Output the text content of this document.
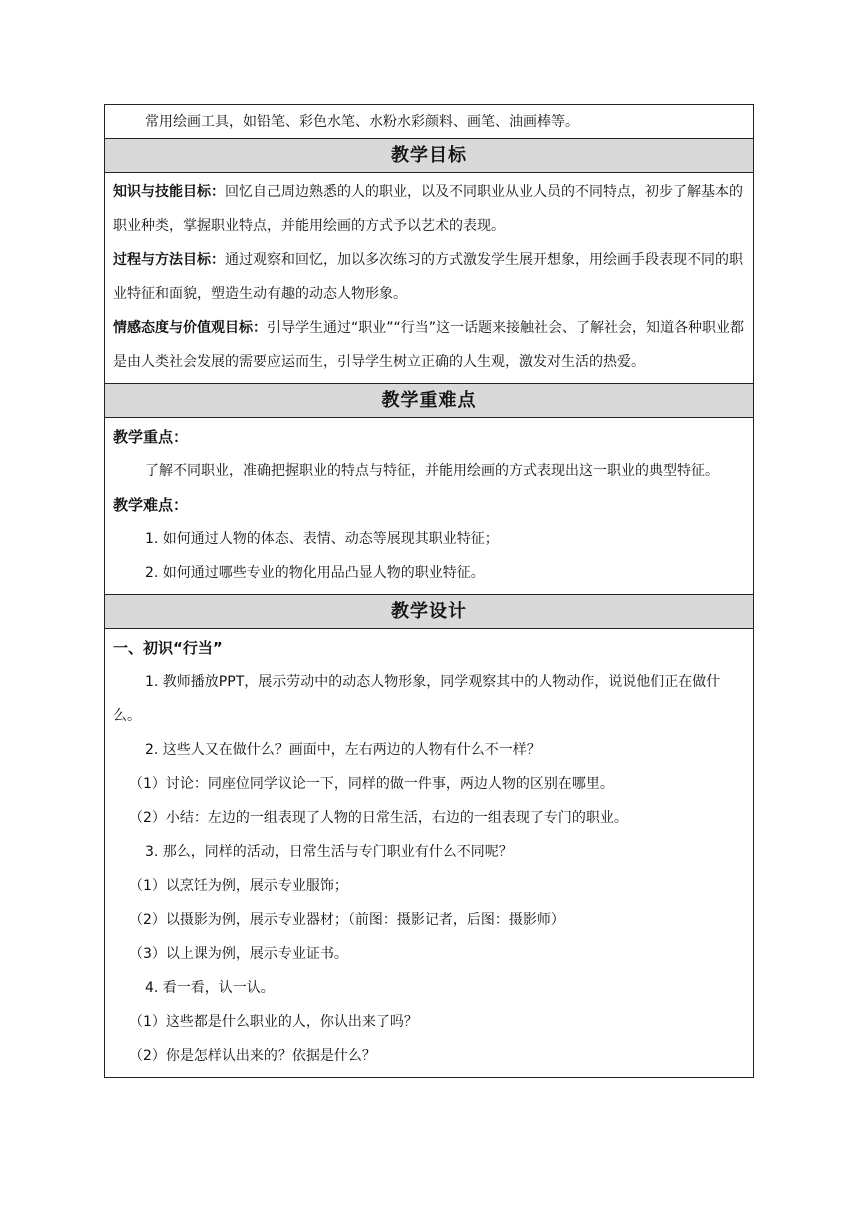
常用绘画工具，如铅笔、彩色水笔、水粉水彩颜料、画笔、油画棒等。

教学目标

知识与技能目标：回忆自己周边熟悉的人的职业，以及不同职业从业人员的不同特点，初步了解基本的职业种类，掌握职业特点，并能用绘画的方式予以艺术的表现。

过程与方法目标：通过观察和回忆，加以多次练习的方式激发学生展开想象，用绘画手段表现不同的职业特征和面貌，塑造生动有趣的动态人物形象。

情感态度与价值观目标：引导学生通过“职业”“行当”这一话题来接触社会、了解社会，知道各种职业都是由人类社会发展的需要应运而生，引导学生树立正确的人生观，激发对生活的热爱。

教学重难点

教学重点：

了解不同职业，准确把握职业的特点与特征，并能用绘画的方式表现出这一职业的典型特征。

教学难点：

1. 如何通过人物的体态、表情、动态等展现其职业特征；

2. 如何通过哪些专业的物化用品凸显人物的职业特征。

教学设计

一、初识“行当”

1. 教师播放PPT，展示劳动中的动态人物形象，同学观察其中的人物动作，说说他们正在做什么。

2. 这些人又在做什么？画面中，左右两边的人物有什么不一样？

（1）讨论：同座位同学议论一下，同样的做一件事，两边人物的区别在哪里。

（2）小结：左边的一组表现了人物的日常生活，右边的一组表现了专门的职业。

3. 那么，同样的活动，日常生活与专门职业有什么不同呢？

（1）以烹饪为例，展示专业服饰；

（2）以摄影为例，展示专业器材；（前图：摄影记者，后图：摄影师）

（3）以上课为例，展示专业证书。

4. 看一看，认一认。

（1）这些都是什么职业的人，你认出来了吗？

（2）你是怎样认出来的？依据是什么？
